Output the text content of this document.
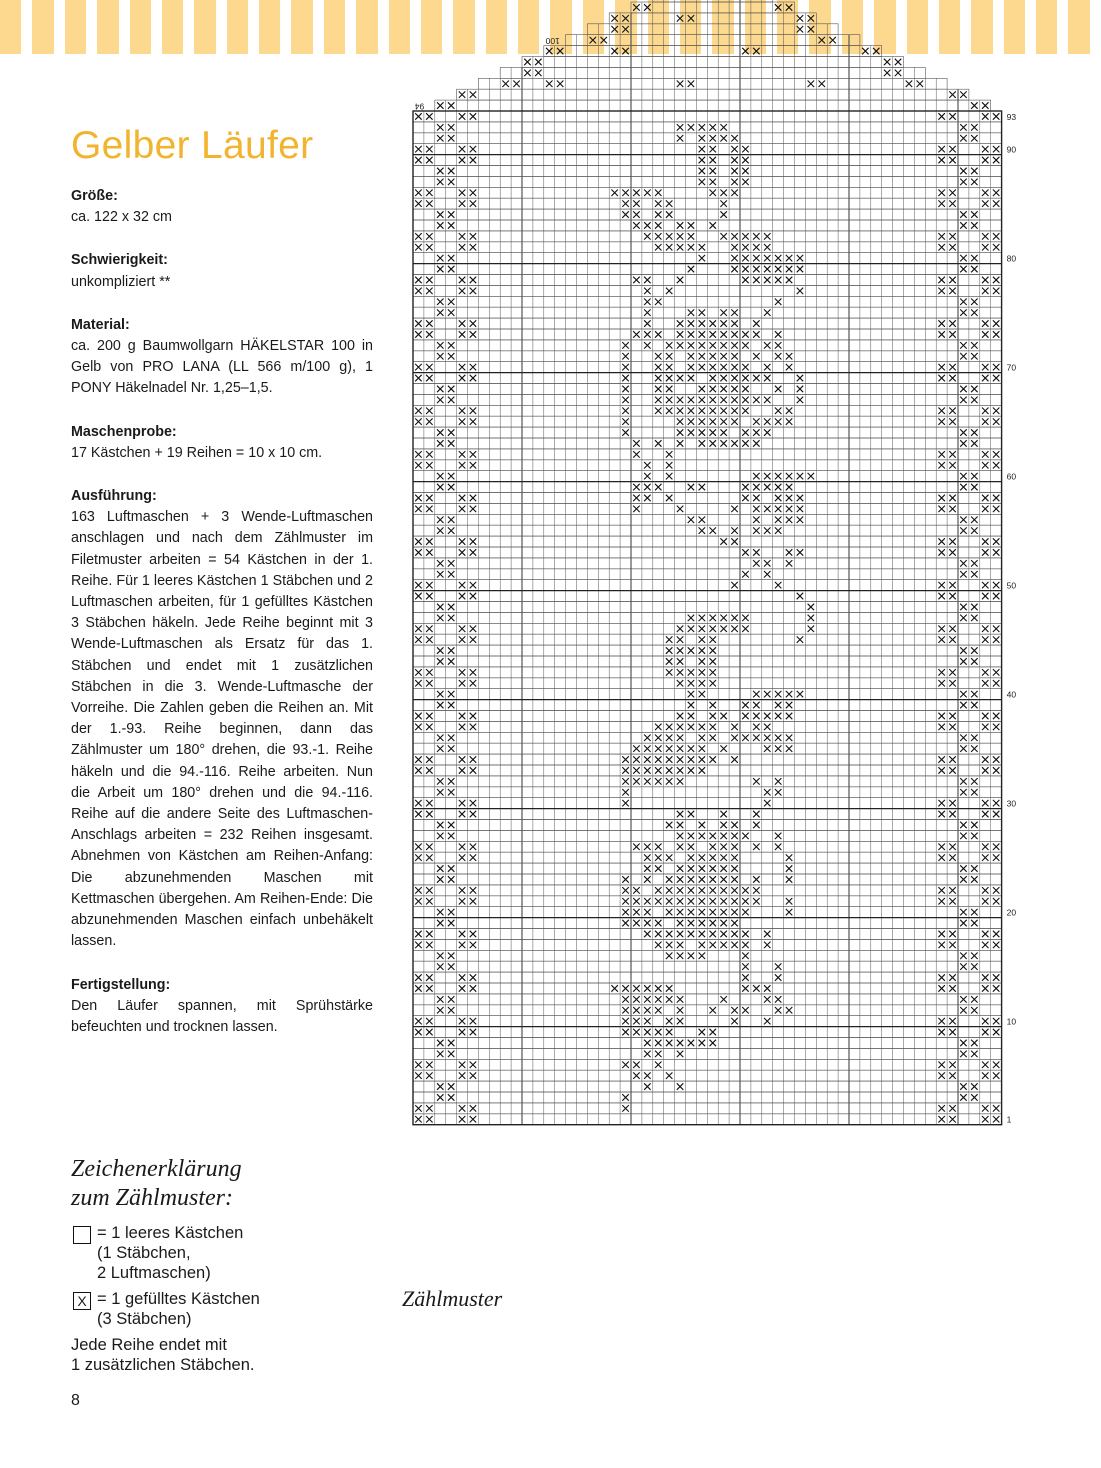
Gelber Läufer
Größe:
ca. 122 x 32 cm
Schwierigkeit:
unkompliziert **
Material:
ca. 200 g Baumwollgarn HÄKELSTAR 100 in Gelb von PRO LANA (LL 566 m/100 g), 1 PONY Häkelnadel Nr. 1,25–1,5.
Maschenprobe:
17 Kästchen + 19 Reihen = 10 x 10 cm.
Ausführung:
163 Luftmaschen + 3 Wende-Luftmaschen anschlagen und nach dem Zählmuster im Filetmuster arbeiten = 54 Kästchen in der 1. Reihe. Für 1 leeres Kästchen 1 Stäbchen und 2 Luftmaschen arbeiten, für 1 gefülltes Kästchen 3 Stäbchen häkeln. Jede Reihe beginnt mit 3 Wende-Luftmaschen als Ersatz für das 1. Stäbchen und endet mit 1 zusätzlichen Stäbchen in die 3. Wende-Luftmasche der Vorreihe. Die Zahlen geben die Reihen an. Mit der 1.-93. Reihe beginnen, dann das Zählmuster um 180° drehen, die 93.-1. Reihe häkeln und die 94.-116. Reihe arbeiten. Nun die Arbeit um 180° drehen und die 94.-116. Reihe auf die andere Seite des Luftmaschen-Anschlags arbeiten = 232 Reihen insgesamt. Abnehmen von Kästchen am Reihen-Anfang: Die abzunehmenden Maschen mit Kettmaschen übergehen. Am Reihen-Ende: Die abzunehmenden Maschen einfach unbehäkelt lassen.
Fertigstellung:
Den Läufer spannen, mit Sprühstärke befeuchten und trocknen lassen.
Zeichenerklärung
zum Zählmuster:
= 1 leeres Kästchen
(1 Stäbchen,
2 Luftmaschen)
X = 1 gefülltes Kästchen
(3 Stäbchen)
Jede Reihe endet mit
1 zusätzlichen Stäbchen.
Zählmuster
8
93
90
80
70
60
50
40
30
20
10
1
94
100
